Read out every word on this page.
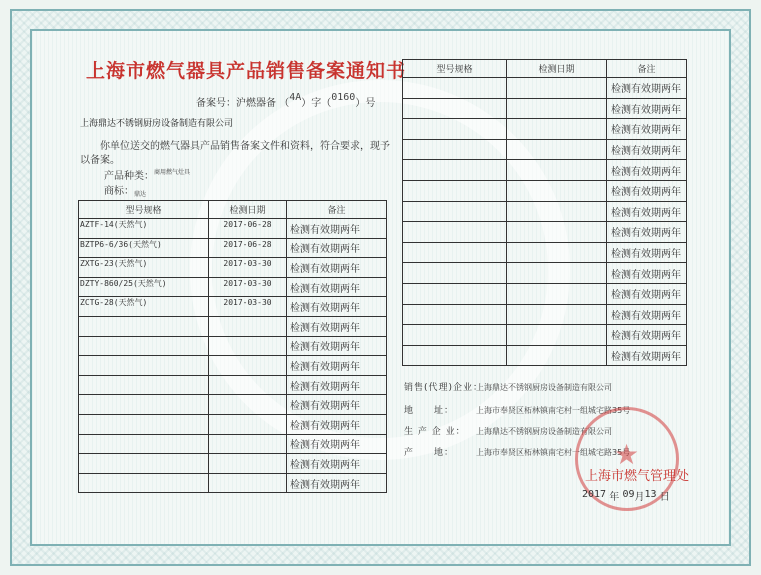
上海市燃气器具产品销售备案通知书
备案号：沪燃器备 （4A）字（0160）号
上海鼎达不锈钢厨房设备制造有限公司
你单位送交的燃气器具产品销售备案文件和资料，符合要求，现予以备案。
产品种类：$^{商用燃气灶具}$
商标：$_{鼎达}$
型号规格	检测日期	备注
AZTF-14(天然气)	2017-06-28	检测有效期两年
BZTP6-6/36(天然气)	2017-06-28	检测有效期两年
ZXTG-23(天然气)	2017-03-30	检测有效期两年
DZTY-860/25(天然气)	2017-03-30	检测有效期两年
ZCTG-28(天然气)	2017-03-30	检测有效期两年
		检测有效期两年
		检测有效期两年
		检测有效期两年
		检测有效期两年
		检测有效期两年
		检测有效期两年
		检测有效期两年
		检测有效期两年
		检测有效期两年
型号规格	检测日期	备注
		检测有效期两年
		检测有效期两年
		检测有效期两年
		检测有效期两年
		检测有效期两年
		检测有效期两年
		检测有效期两年
		检测有效期两年
		检测有效期两年
		检测有效期两年
		检测有效期两年
		检测有效期两年
		检测有效期两年
		检测有效期两年
销售(代理)企业：上海鼎达不锈钢厨房设备制造有限公司
地　　址：	上海市奉贤区柘林镇南宅村一组城宅路35号
生 产 企 业： 上海鼎达不锈钢厨房设备制造有限公司
产　　地：	上海市奉贤区柘林镇南宅村一组城宅路35号
★
上海市燃气管理处
2017 年 09月13 日
